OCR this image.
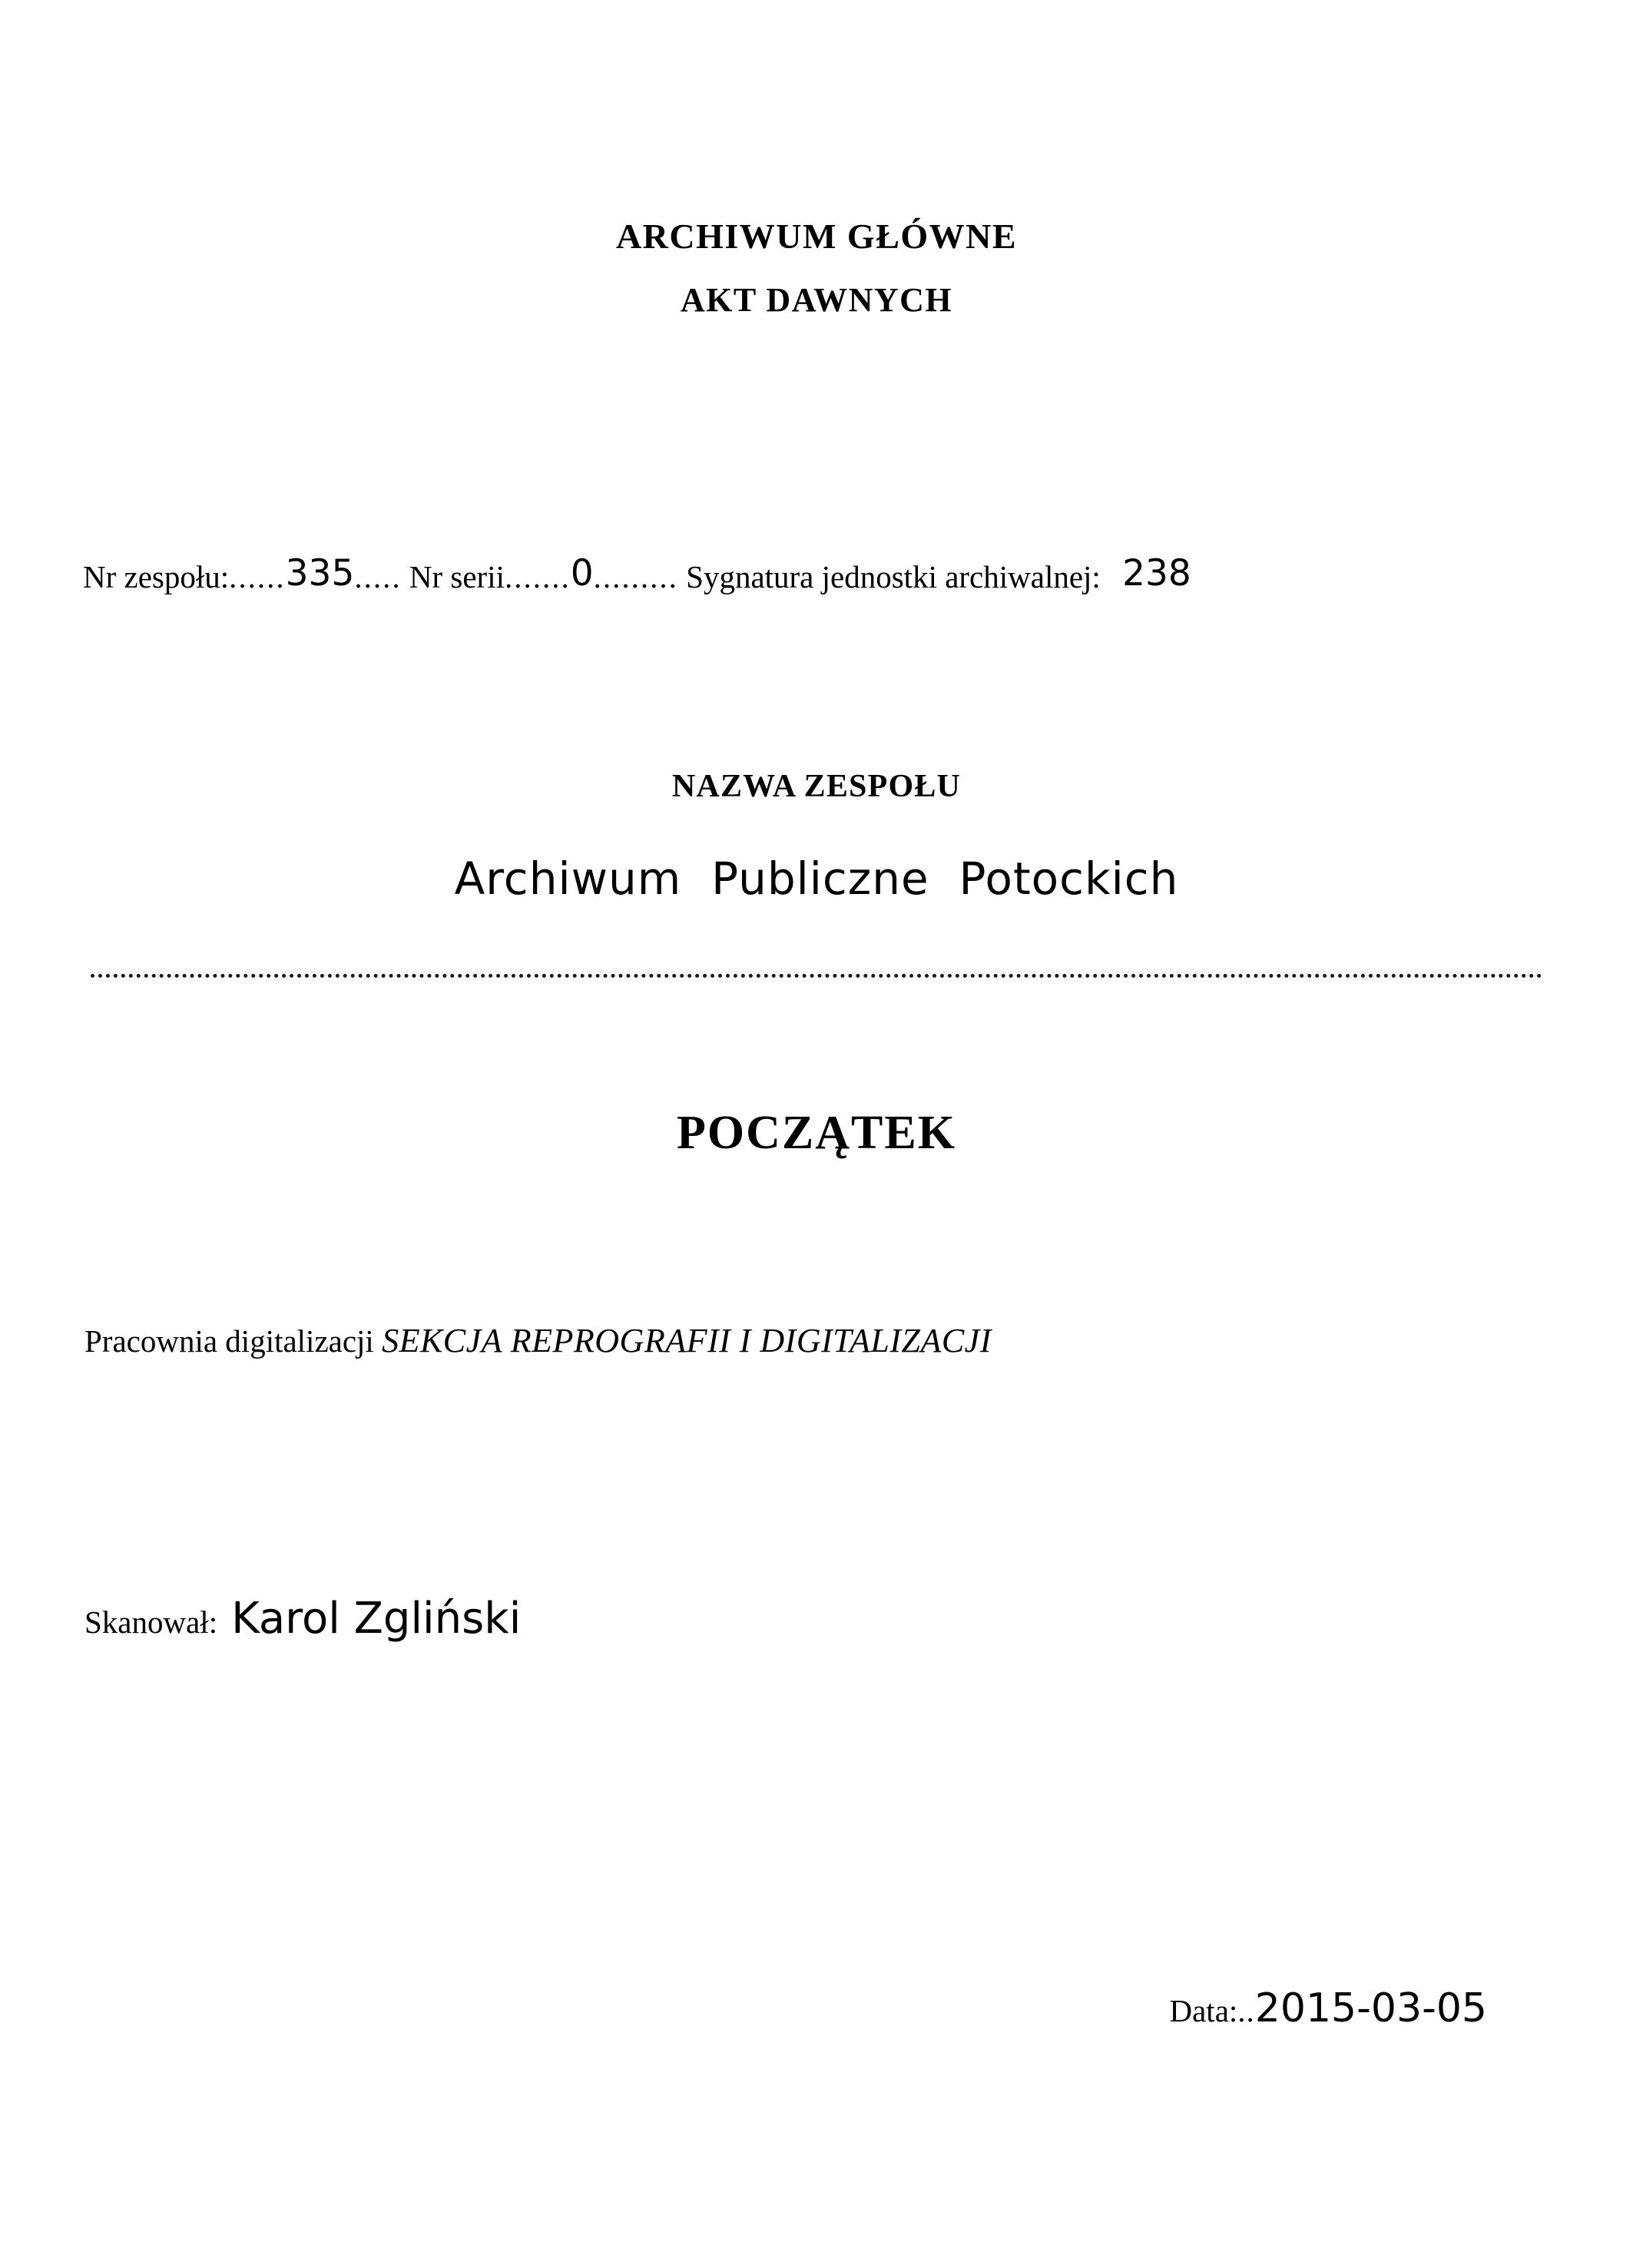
ARCHIWUM GŁÓWNE
AKT DAWNYCH
Nr zespołu:......335..... Nr serii.......0......... Sygnatura jednostki archiwalnej: 238
NAZWA ZESPOŁU
Archiwum  Publiczne  Potockich
POCZĄTEK
Pracownia digitalizacji SEKCJA REPROGRAFII I DIGITALIZACJI
Skanował: Karol Zgliński
Data:..2015-03-05
